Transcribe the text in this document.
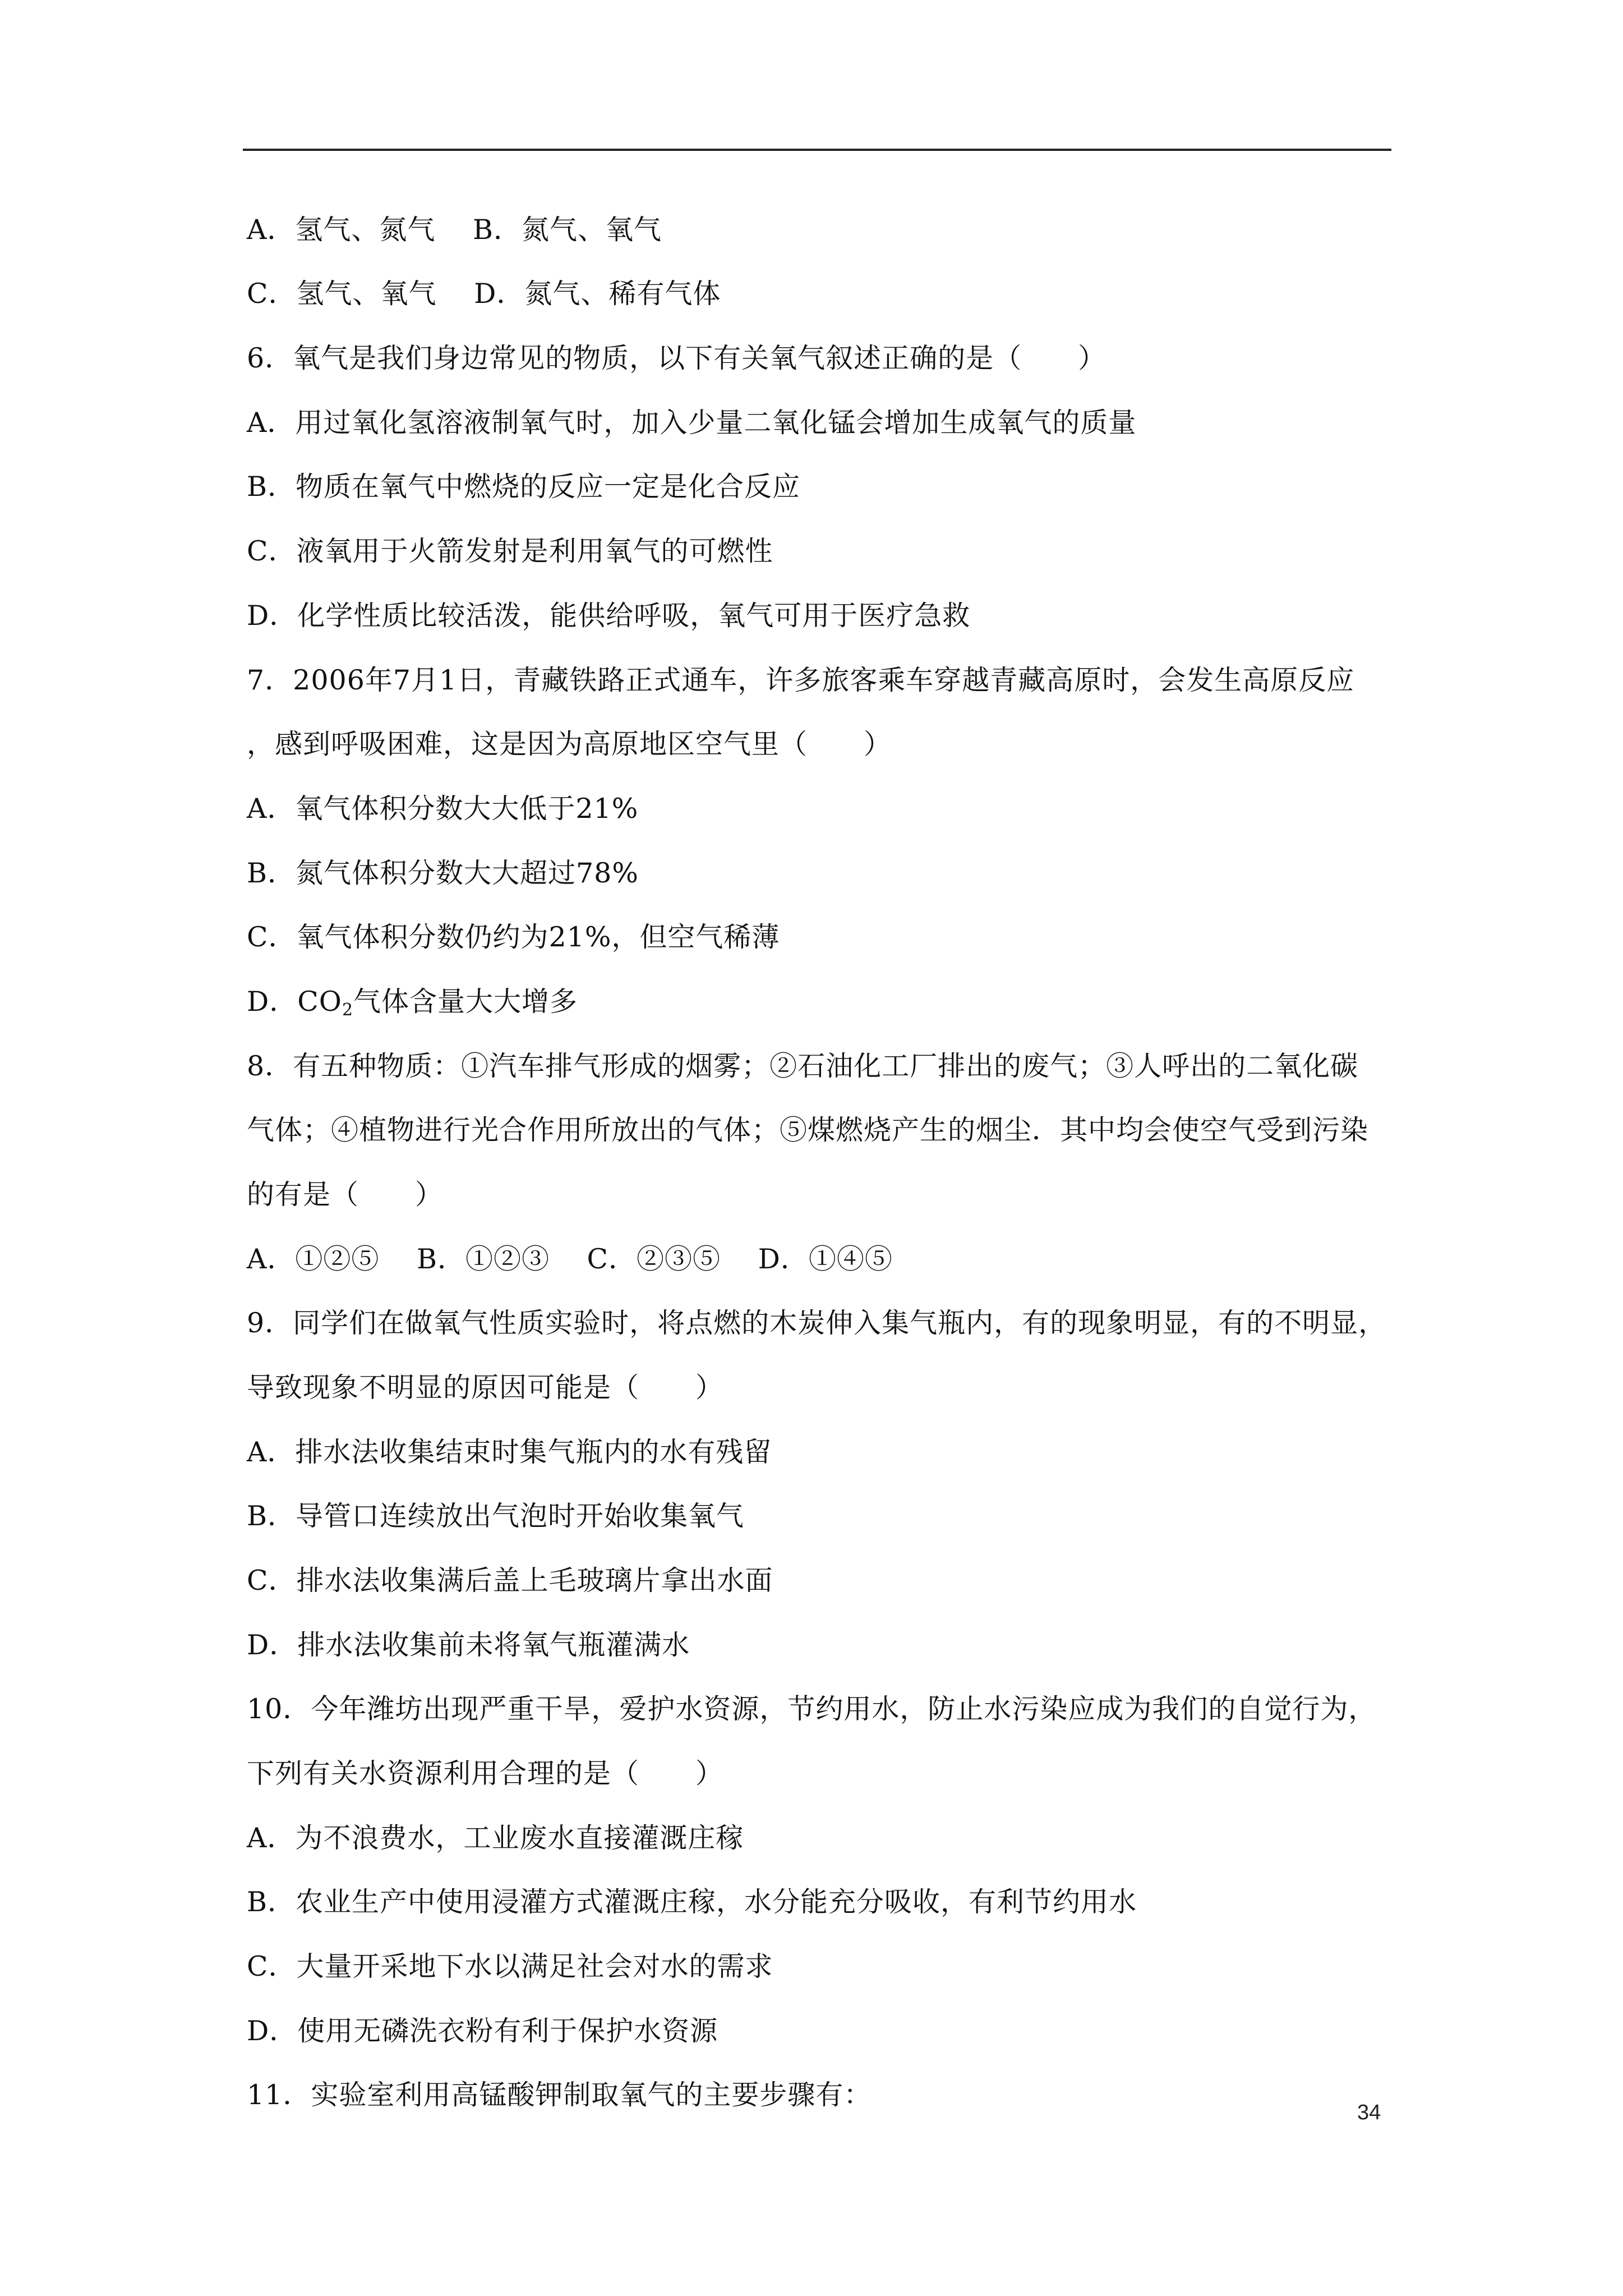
A．氢气、氮气　 B．氮气、氧气
C．氢气、氧气　 D．氮气、稀有气体
6．氧气是我们身边常见的物质，以下有关氧气叙述正确的是（　　）
A．用过氧化氢溶液制氧气时，加入少量二氧化锰会增加生成氧气的质量
B．物质在氧气中燃烧的反应一定是化合反应
C．液氧用于火箭发射是利用氧气的可燃性
D．化学性质比较活泼，能供给呼吸，氧气可用于医疗急救
7．2006年7月1日，青藏铁路正式通车，许多旅客乘车穿越青藏高原时，会发生高原反应
，感到呼吸困难，这是因为高原地区空气里（　　）
A．氧气体积分数大大低于21%
B．氮气体积分数大大超过78%
C．氧气体积分数仍约为21%，但空气稀薄
D．$CO_2$气体含量大大增多
8．有五种物质：①汽车排气形成的烟雾；②石油化工厂排出的废气；③人呼出的二氧化碳
气体；④植物进行光合作用所放出的气体；⑤煤燃烧产生的烟尘．其中均会使空气受到污染
的有是（　　）
A．①②⑤　 B．①②③　 C．②③⑤　 D．①④⑤
9．同学们在做氧气性质实验时，将点燃的木炭伸入集气瓶内，有的现象明显，有的不明显，
导致现象不明显的原因可能是（　　）
A．排水法收集结束时集气瓶内的水有残留
B．导管口连续放出气泡时开始收集氧气
C．排水法收集满后盖上毛玻璃片拿出水面
D．排水法收集前未将氧气瓶灌满水
10．今年潍坊出现严重干旱，爱护水资源，节约用水，防止水污染应成为我们的自觉行为，
下列有关水资源利用合理的是（　　）
A．为不浪费水，工业废水直接灌溉庄稼
B．农业生产中使用浸灌方式灌溉庄稼，水分能充分吸收，有利节约用水
C．大量开采地下水以满足社会对水的需求
D．使用无磷洗衣粉有利于保护水资源
11．实验室利用高锰酸钾制取氧气的主要步骤有：
34
